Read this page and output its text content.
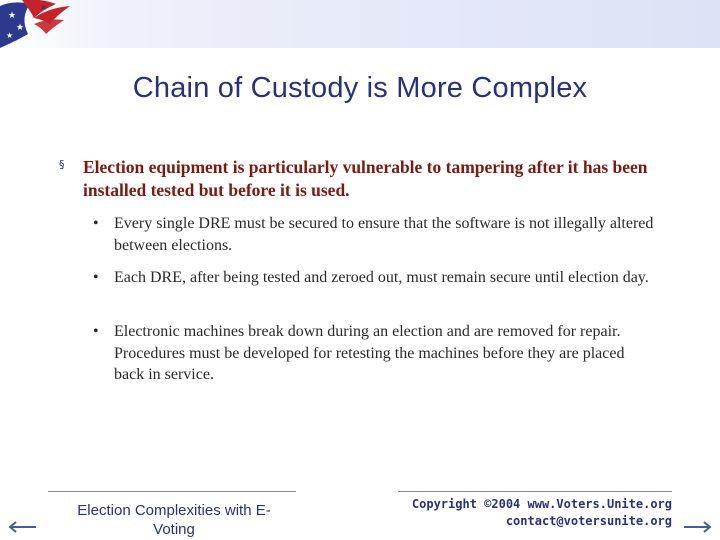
★
★
★
★
Chain of Custody is More Complex
§ Election equipment is particularly vulnerable to tampering after it has been installed tested but before it is used.
• Every single DRE must be secured to ensure that the software is not illegally altered between elections.
• Each DRE, after being tested and zeroed out, must remain secure until election day.
• Electronic machines break down during an election and are removed for repair. Procedures must be developed for retesting the machines before they are placed back in service.
Election Complexities with E-Voting
Copyright ©2004 www.Voters.Unite.org
contact@votersunite.org
